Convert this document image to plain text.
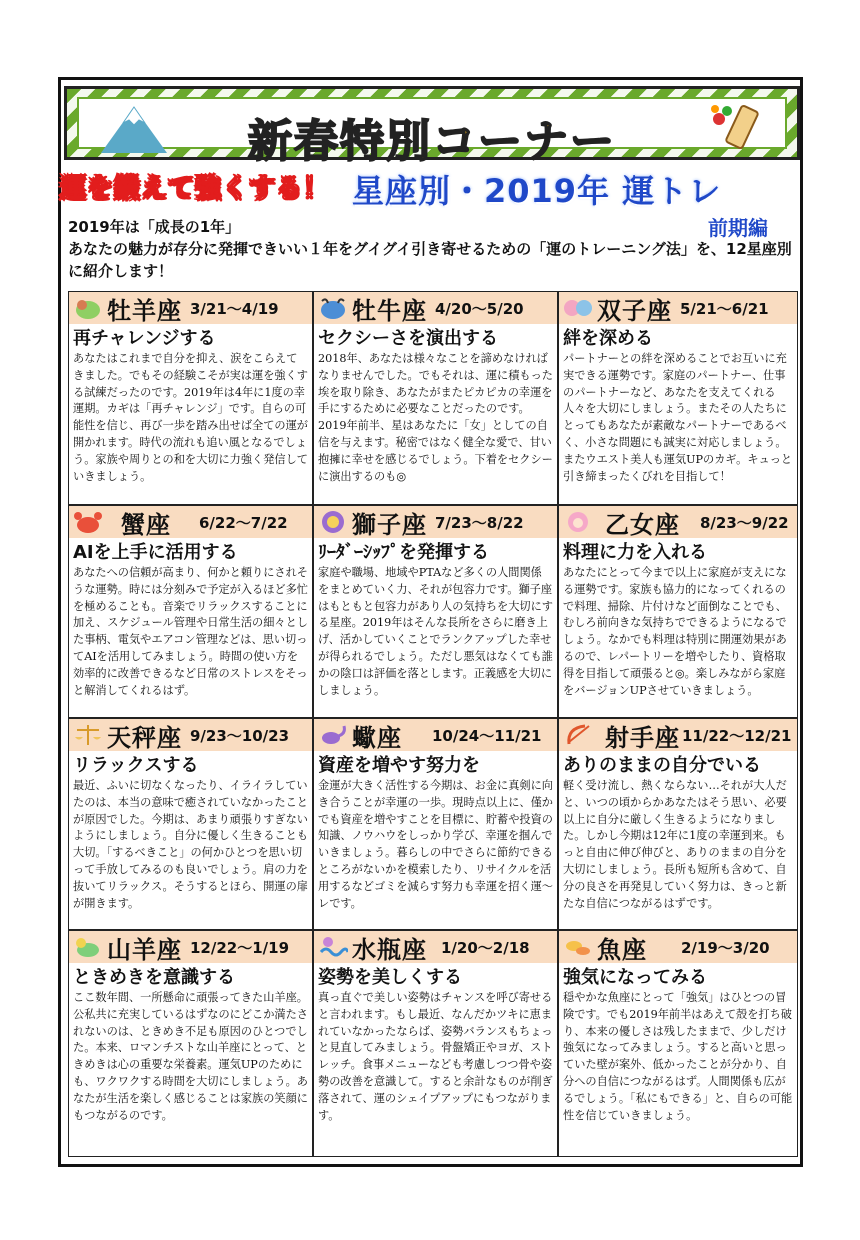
新春特別コーナー
運を鍛えて強くする！ 星座別・2019年 運トレ
前期編
2019年は「成長の1年」
あなたの魅力が存分に発揮できいい１年をグイグイ引き寄せるための「運のトレーニング法」を、12星座別に紹介します！
牡羊座 3/21～4/19
再チャレンジする
あなたはこれまで自分を抑え、涙をこらえてきました。でもその経験こそが実は運を強くする試練だったのです。2019年は4年に1度の幸運期。カギは「再チャレンジ」です。自らの可能性を信じ、再び一歩を踏み出せば全ての運が開かれます。時代の流れも追い風となるでしょう。家族や周りとの和を大切に力強く発信していきましょう。
牡牛座 4/20～5/20
セクシーさを演出する
2018年、あなたは様々なことを諦めなければなりませんでした。でもそれは、運に積もった埃を取り除き、あなたがまたピカピカの幸運を手にするために必要なことだったのです。2019年前半、星はあなたに「女」としての自信を与えます。秘密ではなく健全な愛で、甘い抱擁に幸せを感じるでしょう。下着をセクシーに演出するのも◎
双子座 5/21～6/21
絆を深める
パートナーとの絆を深めることでお互いに充実できる運勢です。家庭のパートナー、仕事のパートナーなど、あなたを支えてくれる人々を大切にしましょう。またその人たちにとってもあなたが素敵なパートナーであるべく、小さな問題にも誠実に対応しましょう。またウエスト美人も運気UPのカギ。キュっと引き締まったくびれを目指して！
蟹座 6/22～7/22
AIを上手に活用する
あなたへの信頼が高まり、何かと頼りにされそうな運勢。時には分刻みで予定が入るほど多忙を極めることも。音楽でリラックスすることに加え、スケジュール管理や日常生活の細々とした事柄、電気やエアコン管理などは、思い切ってAIを活用してみましょう。時間の使い方を効率的に改善できるなど日常のストレスをそっと解消してくれるはず。
獅子座 7/23～8/22
ﾘｰﾀﾞｰｼｯﾌﾟを発揮する
家庭や職場、地域やPTAなど多くの人間関係をまとめていく力、それが包容力です。獅子座はもともと包容力があり人の気持ちを大切にする星座。2019年はそんな長所をさらに磨き上げ、活かしていくことでランクアップした幸せが得られるでしょう。ただし悪気はなくても誰かの陰口は評価を落とします。正義感を大切にしましょう。
乙女座 8/23～9/22
料理に力を入れる
あなたにとって今まで以上に家庭が支えになる運勢です。家族も協力的になってくれるので料理、掃除、片付けなど面倒なことでも、むしろ前向きな気持ちでできるようになるでしょう。なかでも料理は特別に開運効果があるので、レパートリーを増やしたり、資格取得を目指して頑張ると◎。楽しみながら家庭をバージョンUPさせていきましょう。
天秤座 9/23～10/23
リラックスする
最近、ふいに切なくなったり、イライラしていたのは、本当の意味で癒されていなかったことが原因でした。今期は、あまり頑張りすぎないようにしましょう。自分に優しく生きることも大切。「するべきこと」の何かひとつを思い切って手放してみるのも良いでしょう。肩の力を抜いてリラックス。そうするとほら、開運の扉が開きます。
蠍座 10/24～11/21
資産を増やす努力を
金運が大きく活性する今期は、お金に真剣に向き合うことが幸運の一歩。現時点以上に、僅かでも資産を増やすことを目標に、貯蓄や投資の知識、ノウハウをしっかり学び、幸運を掴んでいきましょう。暮らしの中でさらに節約できるところがないかを模索したり、リサイクルを活用するなどゴミを減らす努力も幸運を招く運～レです。
射手座 11/22～12/21
ありのままの自分でいる
軽く受け流し、熱くならない…それが大人だと、いつの頃からかあなたはそう思い、必要以上に自分に厳しく生きるようになりました。しかし今期は12年に1度の幸運到来。もっと自由に伸び伸びと、ありのままの自分を大切にしましょう。長所も短所も含めて、自分の良さを再発見していく努力は、きっと新たな自信につながるはずです。
山羊座 12/22～1/19
ときめきを意識する
ここ数年間、一所懸命に頑張ってきた山羊座。公私共に充実しているはずなのにどこか満たされないのは、ときめき不足も原因のひとつでした。本来、ロマンチストな山羊座にとって、ときめきは心の重要な栄養素。運気UPのためにも、ワクワクする時間を大切にしましょう。あなたが生活を楽しく感じることは家族の笑顔にもつながるのです。
水瓶座 1/20～2/18
姿勢を美しくする
真っ直ぐで美しい姿勢はチャンスを呼び寄せると言われます。もし最近、なんだかツキに恵まれていなかったならば、姿勢バランスもちょっと見直してみましょう。骨盤矯正やヨガ、ストレッチ。食事メニューなども考慮しつつ骨や姿勢の改善を意識して。すると余計なものが削ぎ落されて、運のシェイプアップにもつながります。
魚座 2/19～3/20
強気になってみる
穏やかな魚座にとって「強気」はひとつの冒険です。でも2019年前半はあえて殻を打ち破り、本来の優しさは残したままで、少しだけ強気になってみましょう。すると高いと思っていた壁が案外、低かったことが分かり、自分への自信につながるはず。人間関係も広がるでしょう。「私にもできる」と、自らの可能性を信じていきましょう。
